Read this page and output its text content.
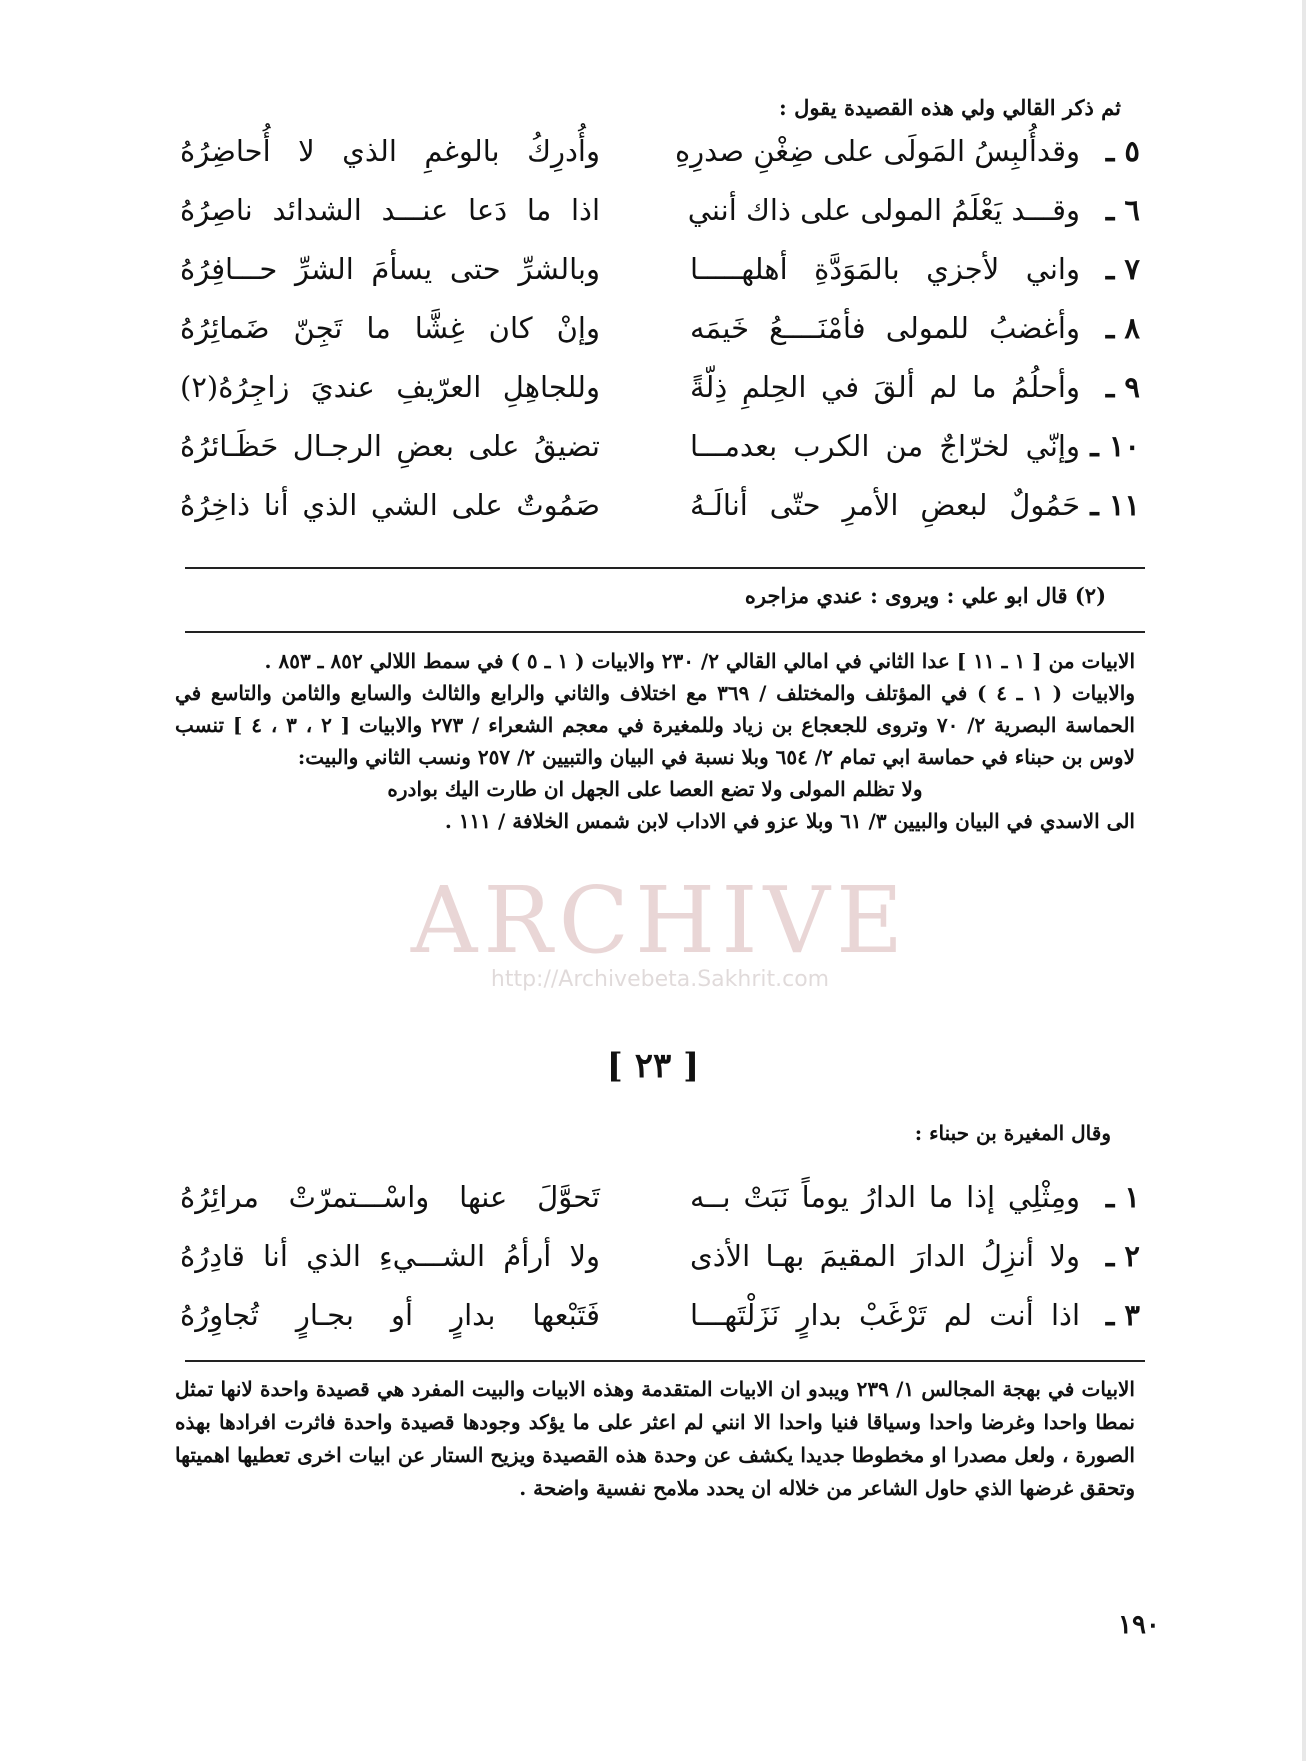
ثم ذكر القالي ولي هذه القصيدة يقول :
٥ ـ
وقدأُلبِسُ المَولَى على ضِغْنِ صدرِهِ
وأُدرِكُ بالوغمِ الذي لا أُحاضِرُهُ
٦ ـ
وقـــد يَعْلَمُ المولى على ذاك أنني
اذا ما دَعا عنـــد الشدائد ناصِرُهُ
٧ ـ
واني لأجزي بالمَوَدَّةِ أهلهـــــا
وبالشرِّ حتى يسأمَ الشرِّ حـــافِرُهُ
٨ ـ
وأغضبُ للمولى فأمْنَــــعُ خَيمَه
وإنْ كان غِشَّا ما تَجِنّ ضَمائِرُهُ
٩ ـ
وأحلُمُ ما لم ألقَ في الحِلمِ ذِلّةً
وللجاهِلِ العرّيفِ عنديَ زاجِرُهُ(٢)
١٠ ـ
وإنّي لخرّاجٌ من الكرب بعدمـــا
تضيقُ على بعضِ الرجـال حَظَـائرُهُ
١١ ـ
حَمُولٌ لبعضِ الأمرِ حتّى أنالَـهُ
صَمُوتٌ على الشي الذي أنا ذاخِرُهُ
(٢) قال ابو علي : ويروى : عندي مزاجره

الابيات من [ ١ ـ ١١ ] عدا الثاني في امالي القالي ٢/ ٢٣٠ والابيات ( ١ ـ ٥ ) في سمط اللالي ٨٥٢ ـ ٨٥٣ .

والابيات ( ١ ـ ٤ ) في المؤتلف والمختلف / ٣٦٩ مع اختلاف والثاني والرابع والثالث والسابع والثامن والتاسع في الحماسة البصرية ٢/ ٧٠ وتروى للجعجاع بن زياد وللمغيرة في معجم الشعراء / ٢٧٣ والابيات [ ٢ ، ٣ ، ٤ ] تنسب لاوس بن حبناء في حماسة ابي تمام ٢/ ٦٥٤ وبلا نسبة في البيان والتبيين ٢/ ٢٥٧ ونسب الثاني والبيت:

ولا تظلم المولى ولا تضع العصا على الجهل ان طارت اليك بوادره

الى الاسدي في البيان والبيين ٣/ ٦١ وبلا عزو في الاداب لابن شمس الخلافة / ١١١ .

ARCHIVE
http://Archivebeta.Sakhrit.com
[ ٢٣ ]
وقال المغيرة بن حبناء :
١ ـ
ومِثْلِي إذا ما الدارُ يوماً نَبَتْ بــه
تَحوَّلَ عنها واسْـــتمرّتْ مرائِرُهُ
٢ ـ
ولا أنزِلُ الدارَ المقيمَ بهـا الأذى
ولا أرأمُ الشـــيءِ الذي أنا قادِرُهُ
٣ ـ
اذا أنت لم تَرْغَبْ بدارٍ نَزَلْتَهـــا
فَتَبْعها بدارٍ أو بجـارٍ تُجاوِرُهُ

الابيات في بهجة المجالس ١/ ٢٣٩ ويبدو ان الابيات المتقدمة وهذه الابيات والبيت المفرد هي قصيدة واحدة لانها تمثل نمطا واحدا وغرضا واحدا وسياقا فنيا واحدا الا انني لم اعثر على ما يؤكد وجودها قصيدة واحدة فاثرت افرادها بهذه الصورة ، ولعل مصدرا او مخطوطا جديدا يكشف عن وحدة هذه القصيدة ويزيح الستار عن ابيات اخرى تعطيها اهميتها وتحقق غرضها الذي حاول الشاعر من خلاله ان يحدد ملامح نفسية واضحة .

١٩٠
